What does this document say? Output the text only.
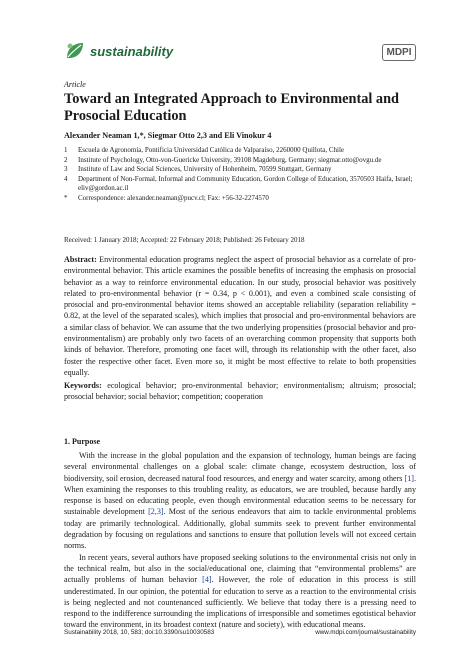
sustainability	MDPI
Article
Toward an Integrated Approach to Environmental and Prosocial Education
Alexander Neaman 1,*, Siegmar Otto 2,3 and Eli Vinokur 4
1	Escuela de Agronomía, Pontificia Universidad Católica de Valparaíso, 2260000 Quillota, Chile
2	Institute of Psychology, Otto-von-Guericke University, 39108 Magdeburg, Germany; siegmar.otto@ovgu.de
3	Institute of Law and Social Sciences, University of Hohenheim, 70599 Stuttgart, Germany
4	Department of Non-Formal, Informal and Community Education, Gordon College of Education, 3570503 Haifa, Israel; eliv@gordon.ac.il
*	Correspondence: alexander.neaman@pucv.cl; Fax: +56-32-2274570
Received: 1 January 2018; Accepted: 22 February 2018; Published: 26 February 2018
Abstract: Environmental education programs neglect the aspect of prosocial behavior as a correlate of pro-environmental behavior. This article examines the possible benefits of increasing the emphasis on prosocial behavior as a way to reinforce environmental education. In our study, prosocial behavior was positively related to pro-environmental behavior (r = 0.34, p < 0.001), and even a combined scale consisting of prosocial and pro-environmental behavior items showed an acceptable reliability (separation reliability = 0.82, at the level of the separated scales), which implies that prosocial and pro-environmental behaviors are a similar class of behavior. We can assume that the two underlying propensities (prosocial behavior and pro-environmentalism) are probably only two facets of an overarching common propensity that supports both kinds of behavior. Therefore, promoting one facet will, through its relationship with the other facet, also foster the respective other facet. Even more so, it might be most effective to relate to both propensities equally.
Keywords: ecological behavior; pro-environmental behavior; environmentalism; altruism; prosocial; prosocial behavior; social behavior; competition; cooperation
1. Purpose

With the increase in the global population and the expansion of technology, human beings are facing several environmental challenges on a global scale: climate change, ecosystem destruction, loss of biodiversity, soil erosion, decreased natural food resources, and energy and water scarcity, among others [1]. When examining the responses to this troubling reality, as educators, we are troubled, because hardly any response is based on educating people, even though environmental education seems to be necessary for sustainable development [2,3]. Most of the serious endeavors that aim to tackle environmental problems today are primarily technological. Additionally, global summits seek to prevent further environmental degradation by focusing on regulations and sanctions to ensure that pollution levels will not exceed certain norms.

In recent years, several authors have proposed seeking solutions to the environmental crisis not only in the technical realm, but also in the social/educational one, claiming that “environmental problems” are actually problems of human behavior [4]. However, the role of education in this process is still underestimated. In our opinion, the potential for education to serve as a reaction to the environmental crisis is being neglected and not countenanced sufficiently. We believe that today there is a pressing need to respond to the indifference surrounding the implications of irresponsible and sometimes egotistical behavior toward the environment, in its broadest context (nature and society), with educational means.

Sustainability 2018, 10, 583; doi:10.3390/su10030583	www.mdpi.com/journal/sustainability
